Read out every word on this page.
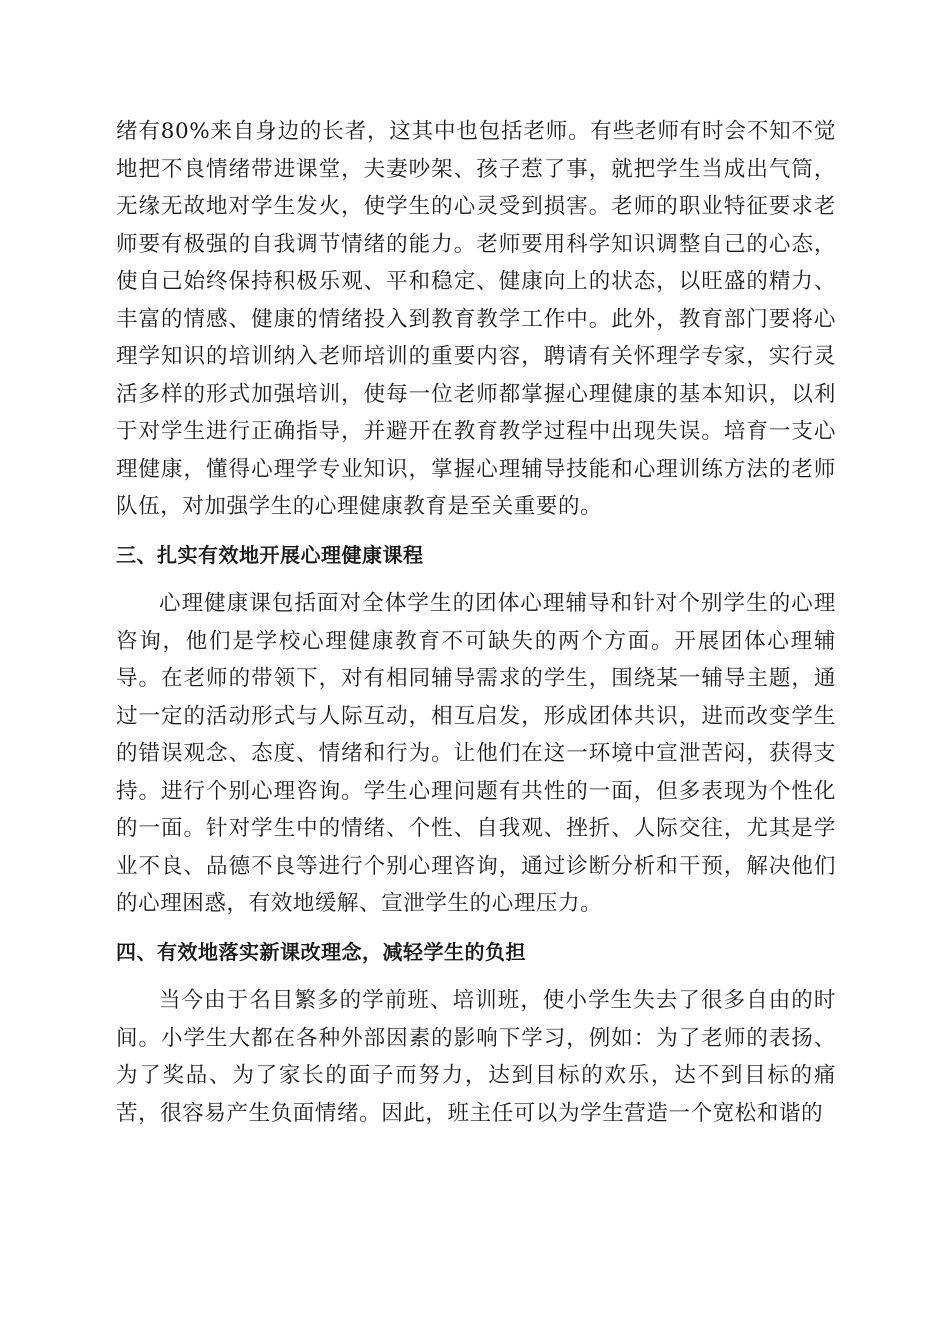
绪有80%来自身边的长者，这其中也包括老师。有些老师有时会不知不觉地把不良情绪带进课堂，夫妻吵架、孩子惹了事，就把学生当成出气筒，无缘无故地对学生发火，使学生的心灵受到损害。老师的职业特征要求老师要有极强的自我调节情绪的能力。老师要用科学知识调整自己的心态，使自己始终保持积极乐观、平和稳定、健康向上的状态，以旺盛的精力、丰富的情感、健康的情绪投入到教育教学工作中。此外，教育部门要将心理学知识的培训纳入老师培训的重要内容，聘请有关怀理学专家，实行灵活多样的形式加强培训，使每一位老师都掌握心理健康的基本知识，以利于对学生进行正确指导，并避开在教育教学过程中出现失误。培育一支心理健康，懂得心理学专业知识，掌握心理辅导技能和心理训练方法的老师队伍，对加强学生的心理健康教育是至关重要的。

三、扎实有效地开展心理健康课程

心理健康课包括面对全体学生的团体心理辅导和针对个别学生的心理咨询，他们是学校心理健康教育不可缺失的两个方面。开展团体心理辅导。在老师的带领下，对有相同辅导需求的学生，围绕某一辅导主题，通过一定的活动形式与人际互动，相互启发，形成团体共识，进而改变学生的错误观念、态度、情绪和行为。让他们在这一环境中宣泄苦闷，获得支持。进行个别心理咨询。学生心理问题有共性的一面，但多表现为个性化的一面。针对学生中的情绪、个性、自我观、挫折、人际交往，尤其是学业不良、品德不良等进行个别心理咨询，通过诊断分析和干预，解决他们的心理困惑，有效地缓解、宣泄学生的心理压力。

四、有效地落实新课改理念，减轻学生的负担

当今由于名目繁多的学前班、培训班，使小学生失去了很多自由的时间。小学生大都在各种外部因素的影响下学习，例如：为了老师的表扬、为了奖品、为了家长的面子而努力，达到目标的欢乐，达不到目标的痛苦，很容易产生负面情绪。因此，班主任可以为学生营造一个宽松和谐的
